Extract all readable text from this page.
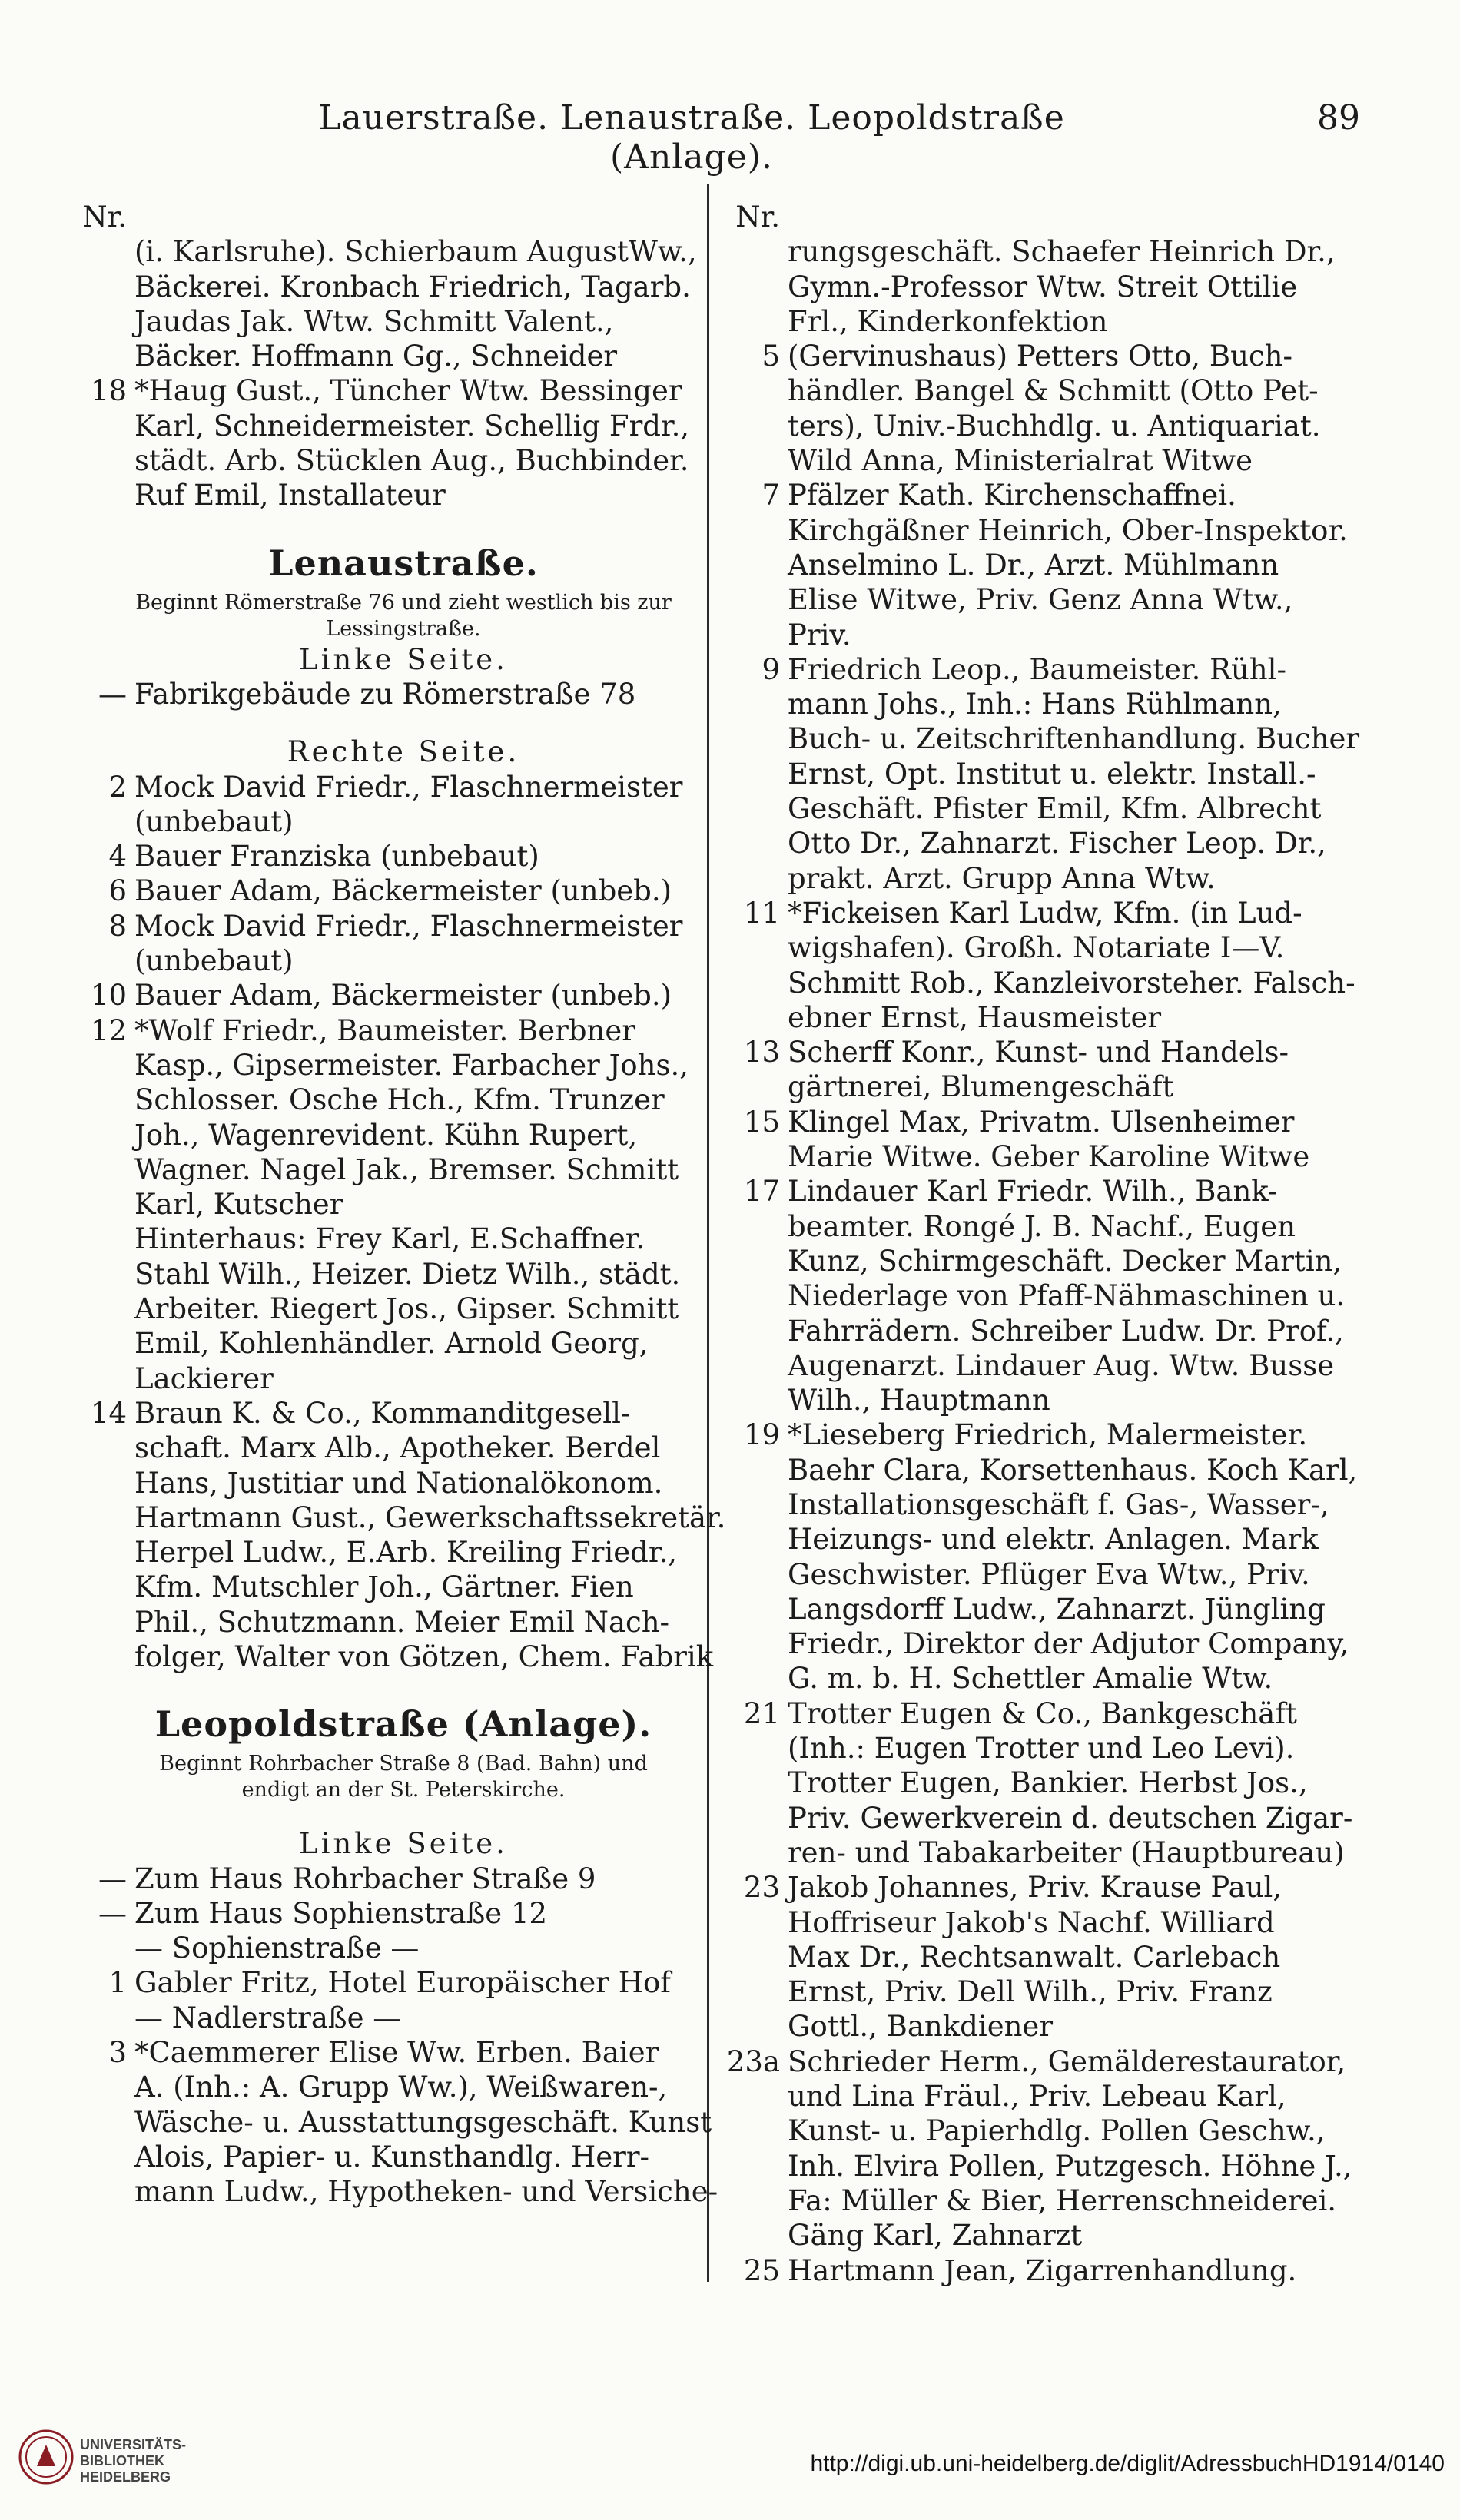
Lauerstraße. Lenaustraße. Leopoldstraße (Anlage).
89
Nr.
(i. Karlsruhe). Schierbaum AugustWw.,
Bäckerei. Kronbach Friedrich, Tagarb.
Jaudas Jak. Wtw. Schmitt Valent.,
Bäcker. Hoffmann Gg., Schneider
18 *Haug Gust., Tüncher Wtw. Bessinger
Karl, Schneidermeister. Schellig Frdr.,
städt. Arb. Stücklen Aug., Buchbinder.
Ruf Emil, Installateur
Lenaustraße.
Beginnt Römerstraße 76 und zieht westlich bis zur
Lessingstraße.
Linke Seite.
— Fabrikgebäude zu Römerstraße 78
Rechte Seite.
2 Mock David Friedr., Flaschnermeister
(unbebaut)
4 Bauer Franziska (unbebaut)
6 Bauer Adam, Bäckermeister (unbeb.)
8 Mock David Friedr., Flaschnermeister
(unbebaut)
10 Bauer Adam, Bäckermeister (unbeb.)
12 *Wolf Friedr., Baumeister. Berbner
Kasp., Gipsermeister. Farbacher Johs.,
Schlosser. Osche Hch., Kfm. Trunzer
Joh., Wagenrevident. Kühn Rupert,
Wagner. Nagel Jak., Bremser. Schmitt
Karl, Kutscher
Hinterhaus: Frey Karl, E.Schaffner.
Stahl Wilh., Heizer. Dietz Wilh., städt.
Arbeiter. Riegert Jos., Gipser. Schmitt
Emil, Kohlenhändler. Arnold Georg,
Lackierer
14 Braun K. & Co., Kommanditgesell-
schaft. Marx Alb., Apotheker. Berdel
Hans, Justitiar und Nationalökonom.
Hartmann Gust., Gewerkschaftssekretär.
Herpel Ludw., E.Arb. Kreiling Friedr.,
Kfm. Mutschler Joh., Gärtner. Fien
Phil., Schutzmann. Meier Emil Nach-
folger, Walter von Götzen, Chem. Fabrik
Leopoldstraße (Anlage).
Beginnt Rohrbacher Straße 8 (Bad. Bahn) und
endigt an der St. Peterskirche.
Linke Seite.
— Zum Haus Rohrbacher Straße 9
— Zum Haus Sophienstraße 12
— Sophienstraße —
1 Gabler Fritz, Hotel Europäischer Hof
— Nadlerstraße —
3 *Caemmerer Elise Ww. Erben. Baier
A. (Inh.: A. Grupp Ww.), Weißwaren-,
Wäsche- u. Ausstattungsgeschäft. Kunst
Alois, Papier- u. Kunsthandlg. Herr-
mann Ludw., Hypotheken- und Versiche-
Nr.
rungsgeschäft. Schaefer Heinrich Dr.,
Gymn.-Professor Wtw. Streit Ottilie
Frl., Kinderkonfektion
5 (Gervinushaus) Petters Otto, Buch-
händler. Bangel & Schmitt (Otto Pet-
ters), Univ.-Buchhdlg. u. Antiquariat.
Wild Anna, Ministerialrat Witwe
7 Pfälzer Kath. Kirchenschaffnei.
Kirchgäßner Heinrich, Ober-Inspektor.
Anselmino L. Dr., Arzt. Mühlmann
Elise Witwe, Priv. Genz Anna Wtw.,
Priv.
9 Friedrich Leop., Baumeister. Rühl-
mann Johs., Inh.: Hans Rühlmann,
Buch- u. Zeitschriftenhandlung. Bucher
Ernst, Opt. Institut u. elektr. Install.-
Geschäft. Pfister Emil, Kfm. Albrecht
Otto Dr., Zahnarzt. Fischer Leop. Dr.,
prakt. Arzt. Grupp Anna Wtw.
11 *Fickeisen Karl Ludw, Kfm. (in Lud-
wigshafen). Großh. Notariate I—V.
Schmitt Rob., Kanzleivorsteher. Falsch-
ebner Ernst, Hausmeister
13 Scherff Konr., Kunst- und Handels-
gärtnerei, Blumengeschäft
15 Klingel Max, Privatm. Ulsenheimer
Marie Witwe. Geber Karoline Witwe
17 Lindauer Karl Friedr. Wilh., Bank-
beamter. Rongé J. B. Nachf., Eugen
Kunz, Schirmgeschäft. Decker Martin,
Niederlage von Pfaff-Nähmaschinen u.
Fahrrädern. Schreiber Ludw. Dr. Prof.,
Augenarzt. Lindauer Aug. Wtw. Busse
Wilh., Hauptmann
19 *Liesеberg Friedrich, Malermeister.
Baehr Clara, Korsettenhaus. Koch Karl,
Installationsgeschäft f. Gas-, Wasser-,
Heizungs- und elektr. Anlagen. Mark
Geschwister. Pflüger Eva Wtw., Priv.
Langsdorff Ludw., Zahnarzt. Jüngling
Friedr., Direktor der Adjutor Company,
G. m. b. H. Schettler Amalie Wtw.
21 Trotter Eugen & Co., Bankgeschäft
(Inh.: Eugen Trotter und Leo Levi).
Trotter Eugen, Bankier. Herbst Jos.,
Priv. Gewerkverein d. deutschen Zigar-
ren- und Tabakarbeiter (Hauptbureau)
23 Jakob Johannes, Priv. Krause Paul,
Hoffriseur Jakob's Nachf. Williard
Max Dr., Rechtsanwalt. Carlebach
Ernst, Priv. Dell Wilh., Priv. Franz
Gottl., Bankdiener
23a Schrieder Herm., Gemälderestaurator,
und Lina Fräul., Priv. Lebeau Karl,
Kunst- u. Papierhdlg. Pollen Geschw.,
Inh. Elvira Pollen, Putzgesch. Höhne J.,
Fa: Müller & Bier, Herrenschneiderei.
Gäng Karl, Zahnarzt
25 Hartmann Jean, Zigarrenhandlung.
UNIVERSITÄTS-
BIBLIOTHEK
HEIDELBERG
http://digi.ub.uni-heidelberg.de/diglit/AdressbuchHD1914/0140
